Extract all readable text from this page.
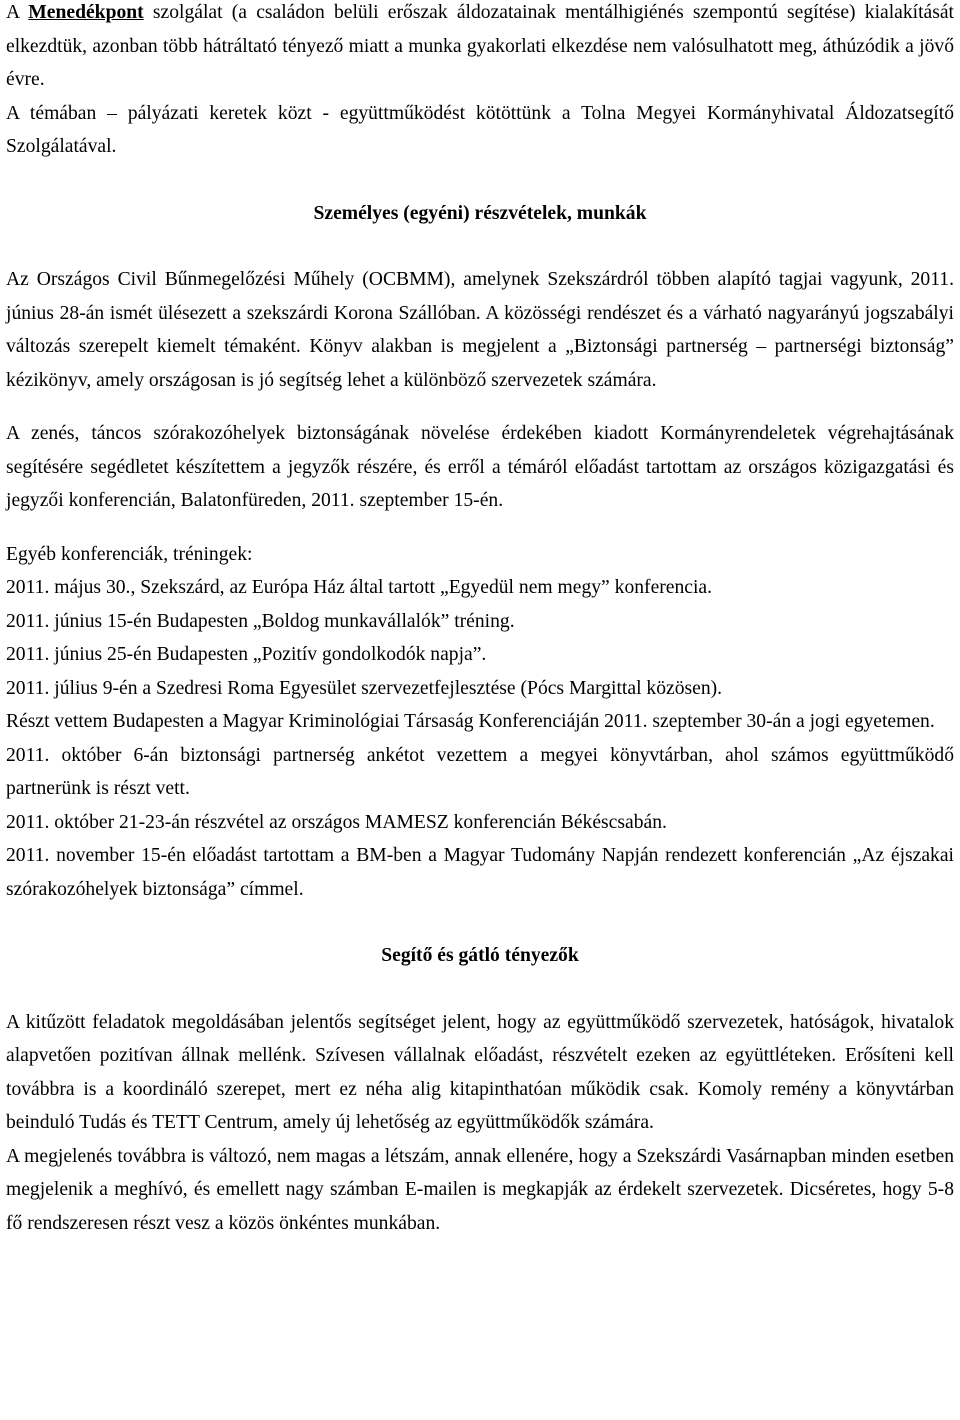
A Menedékpont szolgálat (a családon belüli erőszak áldozatainak mentálhigiénés szempontú segítése) kialakítását elkezdtük, azonban több hátráltató tényező miatt a munka gyakorlati elkezdése nem valósulhatott meg, áthúzódik a jövő évre.

A témában – pályázati keretek közt - együttműködést kötöttünk a Tolna Megyei Kormányhivatal Áldozatsegítő Szolgálatával.

Személyes (egyéni) részvételek, munkák

Az Országos Civil Bűnmegelőzési Műhely (OCBMM), amelynek Szekszárdról többen alapító tagjai vagyunk, 2011. június 28-án ismét ülésezett a szekszárdi Korona Szállóban. A közösségi rendészet és a várható nagyarányú jogszabályi változás szerepelt kiemelt témaként. Könyv alakban is megjelent a „Biztonsági partnerség – partnerségi biztonság” kézikönyv, amely országosan is jó segítség lehet a különböző szervezetek számára.

A zenés, táncos szórakozóhelyek biztonságának növelése érdekében kiadott Kormányrendeletek végrehajtásának segítésére segédletet készítettem a jegyzők részére, és erről a témáról előadást tartottam az országos közigazgatási és jegyzői konferencián, Balatonfüreden, 2011. szeptember 15-én.

Egyéb konferenciák, tréningek:

2011. május 30., Szekszárd, az Európa Ház által tartott „Egyedül nem megy” konferencia.

2011. június 15-én Budapesten „Boldog munkavállalók” tréning.

2011. június 25-én Budapesten „Pozitív gondolkodók napja”.

2011. július 9-én a Szedresi Roma Egyesület szervezetfejlesztése (Pócs Margittal közösen).

Részt vettem Budapesten a Magyar Kriminológiai Társaság Konferenciáján 2011. szeptember 30-án a jogi egyetemen.

2011. október 6-án biztonsági partnerség ankétot vezettem a megyei könyvtárban, ahol számos együttműködő partnerünk is részt vett.

2011. október 21-23-án részvétel az országos MAMESZ konferencián Békéscsabán.

2011. november 15-én előadást tartottam a BM-ben a Magyar Tudomány Napján rendezett konferencián „Az éjszakai szórakozóhelyek biztonsága” címmel.

Segítő és gátló tényezők

A kitűzött feladatok megoldásában jelentős segítséget jelent, hogy az együttműködő szervezetek, hatóságok, hivatalok alapvetően pozitívan állnak mellénk. Szívesen vállalnak előadást, részvételt ezeken az együttléteken. Erősíteni kell továbbra is a koordináló szerepet, mert ez néha alig kitapinthatóan működik csak. Komoly remény a könyvtárban beinduló Tudás és TETT Centrum, amely új lehetőség az együttműködők számára.

A megjelenés továbbra is változó, nem magas a létszám, annak ellenére, hogy a Szekszárdi Vasárnapban minden esetben megjelenik a meghívó, és emellett nagy számban E-mailen is megkapják az érdekelt szervezetek. Dicséretes, hogy 5-8 fő rendszeresen részt vesz a közös önkéntes munkában.
